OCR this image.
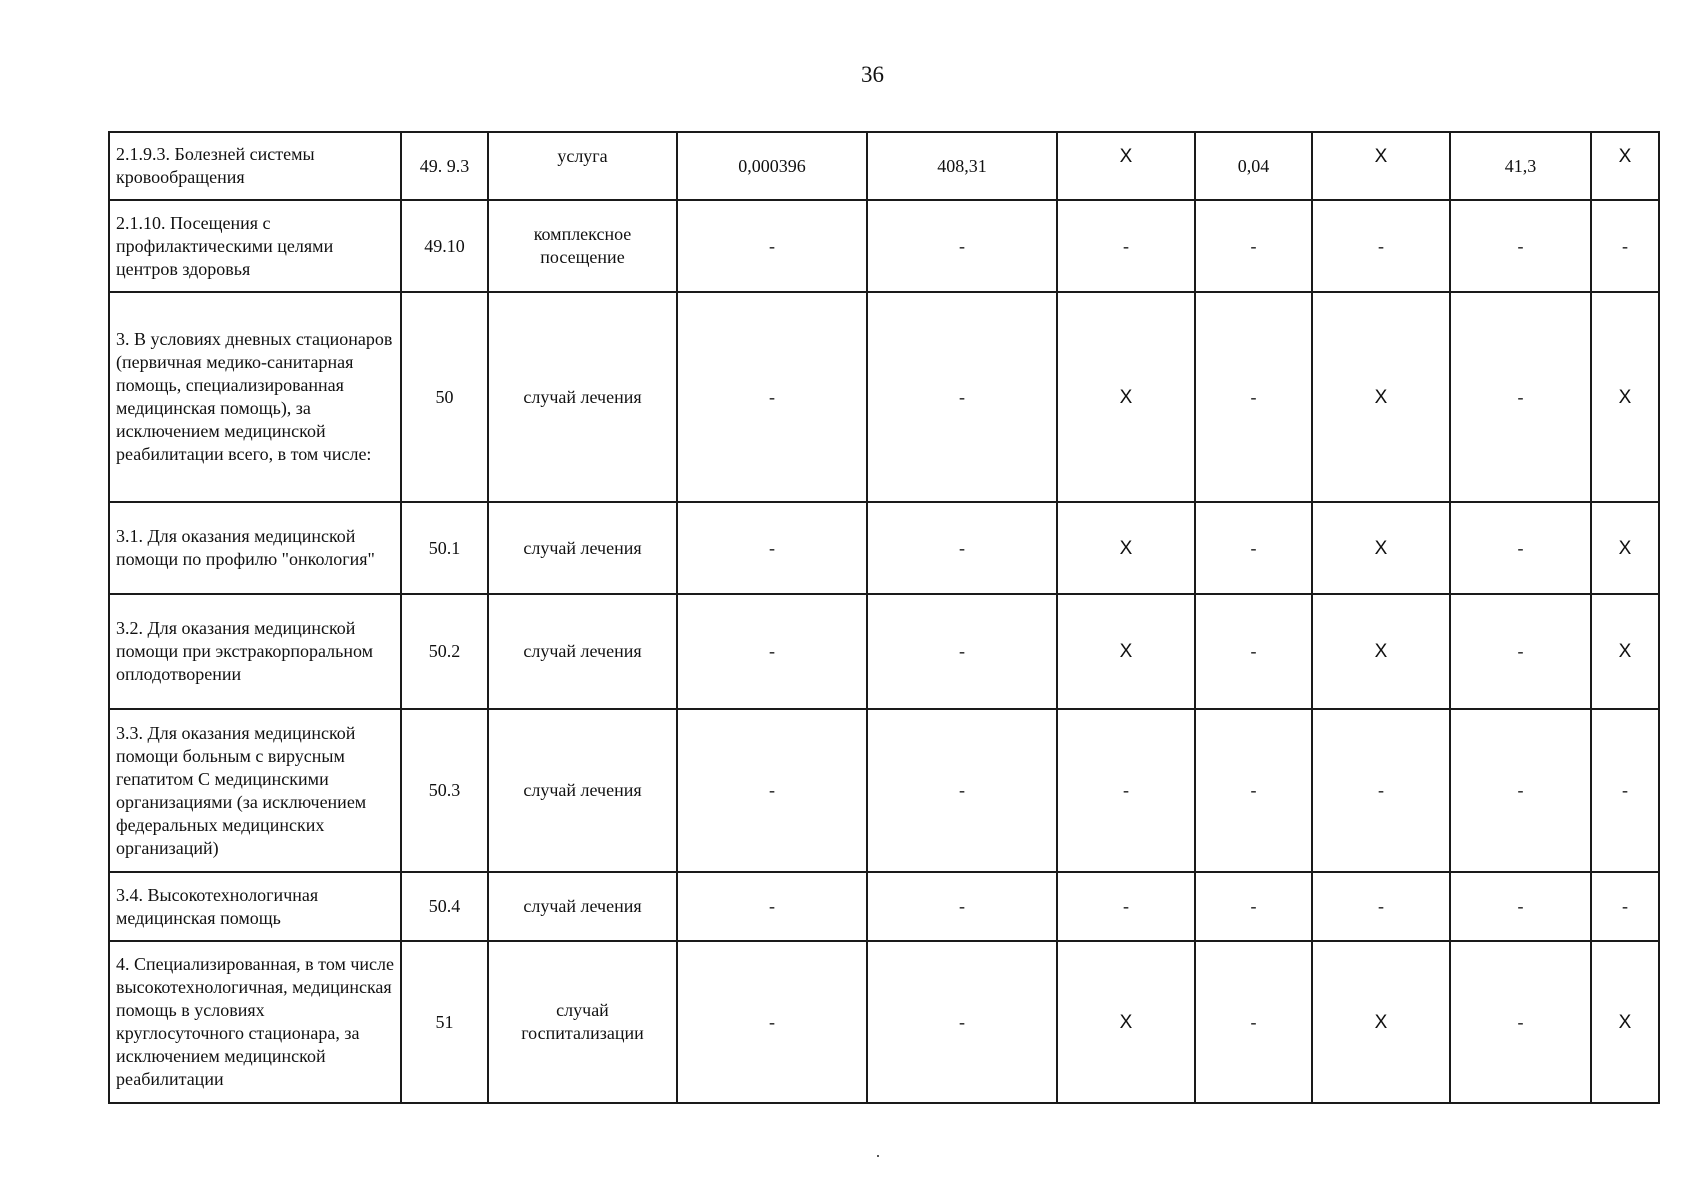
36
2.1.9.3. Болезней системы кровообращения	49. 9.3	услуга	0,000396	408,31	X	0,04	X	41,3	X
2.1.10. Посещения с профилактическими целями центров здоровья	49.10	комплексное посещение	-	-	-	-	-	-	-
3. В условиях дневных стационаров (первичная медико-санитарная помощь, специализированная медицинская помощь), за исключением медицинской реабилитации всего, в том числе:	50	случай лечения	-	-	X	-	X	-	X
3.1. Для оказания медицинской помощи по профилю "онкология"	50.1	случай лечения	-	-	X	-	X	-	X
3.2. Для оказания медицинской помощи при экстракорпоральном оплодотворении	50.2	случай лечения	-	-	X	-	X	-	X
3.3. Для оказания медицинской помощи больным с вирусным гепатитом С медицинскими организациями (за исключением федеральных медицинских организаций)	50.3	случай лечения	-	-	-	-	-	-	-
3.4. Высокотехнологичная медицинская помощь	50.4	случай лечения	-	-	-	-	-	-	-
4. Специализированная, в том числе высокотехнологичная, медицинская помощь в условиях круглосуточного стационара, за исключением медицинской реабилитации	51	случай госпитализации	-	-	X	-	X	-	X
